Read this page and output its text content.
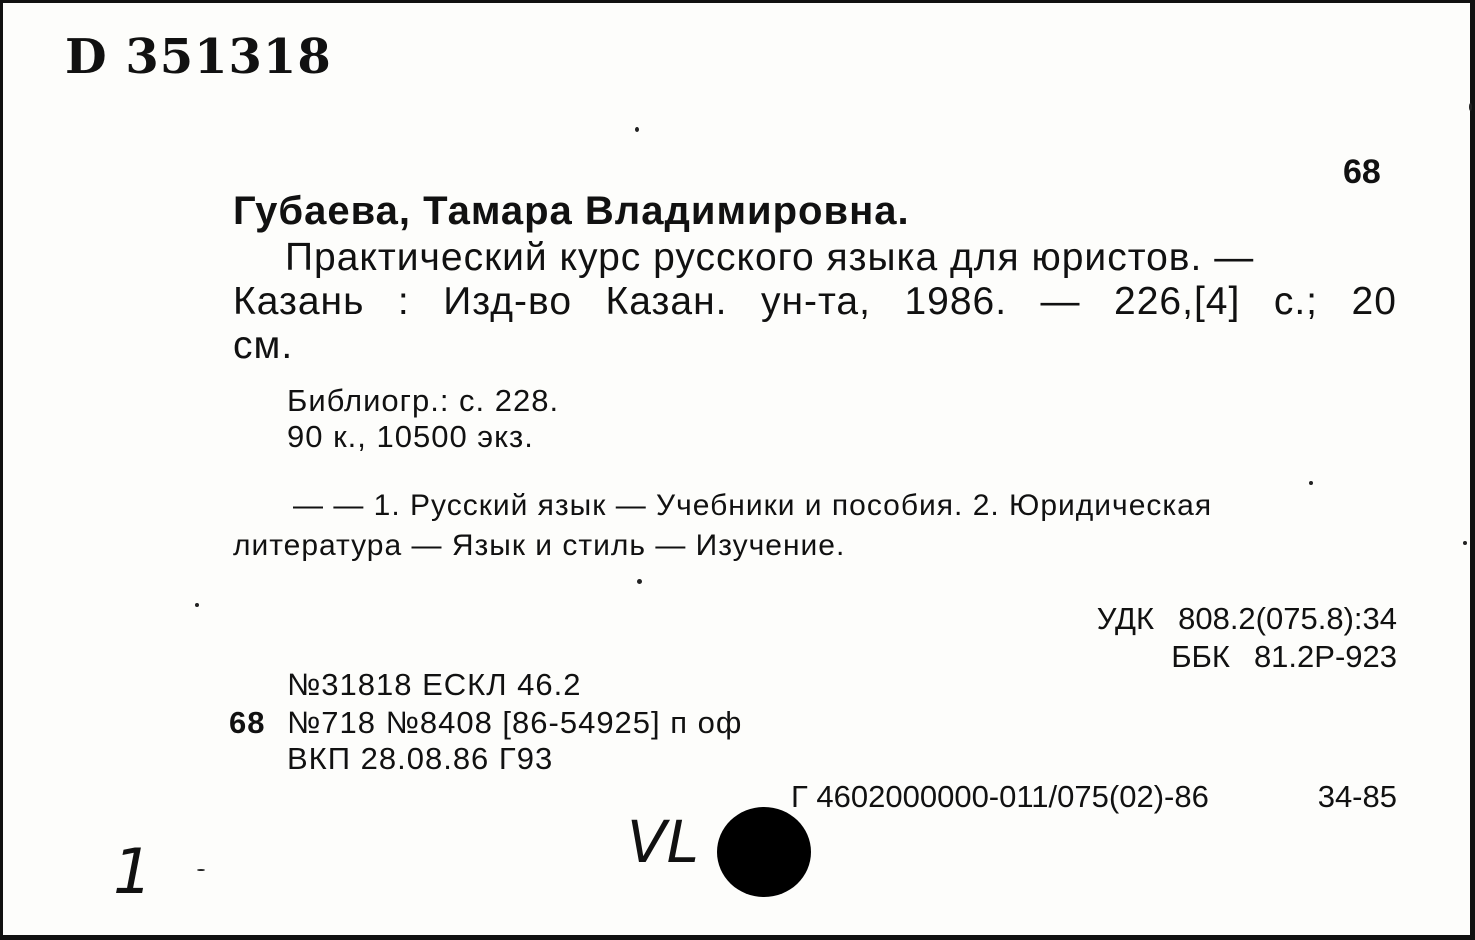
D 351318
68
Губаева, Тамара Владимировна.
Практический курс русского языка для юристов. —
Казань : Изд-во Казан. ун-та, 1986. — 226,[4] с.; 20
см.
Библиогр.: с. 228.
90 к., 10500 экз.
— — 1. Русский язык — Учебники и пособия. 2. Юридическая
литература — Язык и стиль — Изучение.
УДК 808.2(075.8):34
ББК 81.2Р-923
№31818 ЕСКЛ 46.2
68 №718 №8408 [86-54925] п оф
ВКП 28.08.86 Г93
Г 4602000000-011/075(02)-86	34-85
VL
1
